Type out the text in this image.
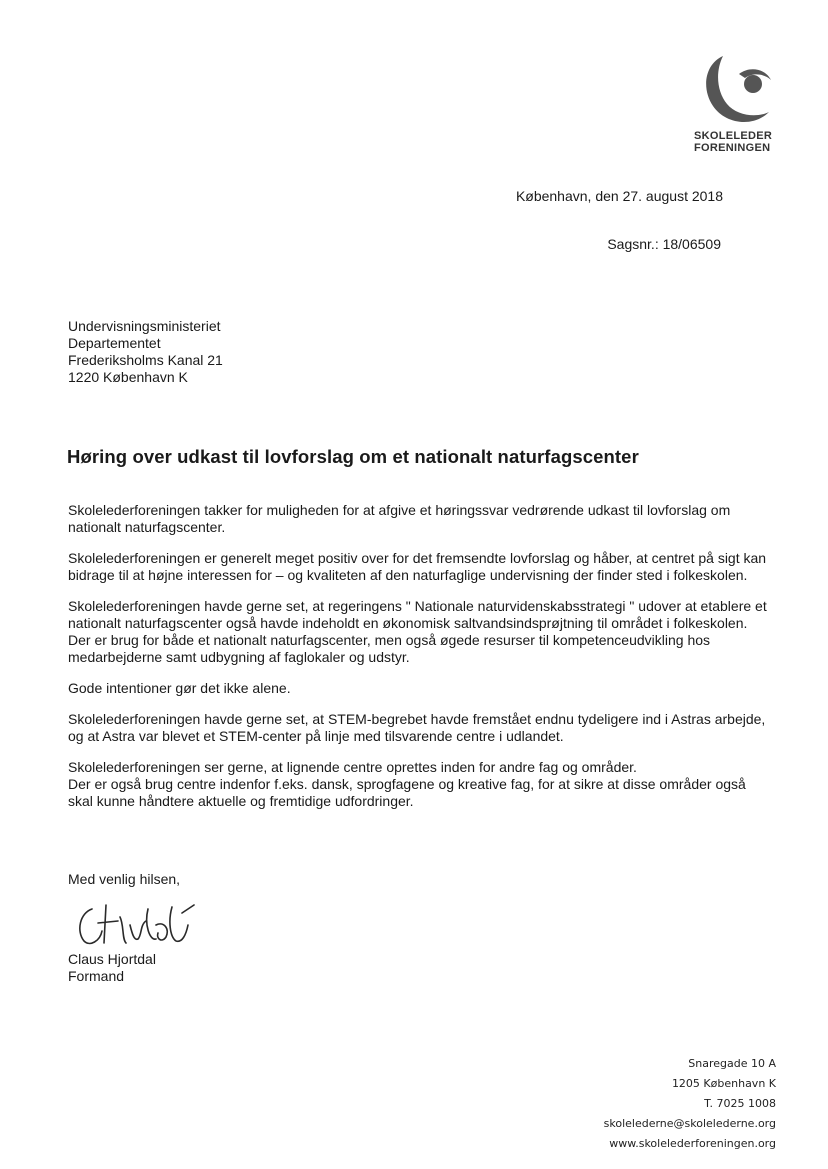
SKOLELEDER
FORENINGEN
København, den 27. august 2018
Sagsnr.: 18/06509
Undervisningsministeriet
Departementet
Frederiksholms Kanal 21
1220 København K
Høring over udkast til lovforslag om et nationalt naturfagscenter

Skolelederforeningen takker for muligheden for at afgive et høringssvar vedrørende udkast til lovforslag om nationalt naturfagscenter.

Skolelederforeningen er generelt meget positiv over for det fremsendte lovforslag og håber, at centret på sigt kan bidrage til at højne interessen for – og kvaliteten af den naturfaglige undervisning der finder sted i folkeskolen.

Skolelederforeningen havde gerne set, at regeringens " Nationale naturvidenskabsstrategi " udover at etablere et nationalt naturfagscenter også havde indeholdt en økonomisk saltvandsindsprøjtning til området i folkeskolen.

Der er brug for både et nationalt naturfagscenter, men også øgede resurser til kompetenceudvikling hos medarbejderne samt udbygning af faglokaler og udstyr.

Gode intentioner gør det ikke alene.

Skolelederforeningen havde gerne set, at STEM-begrebet havde fremstået endnu tydeligere ind i Astras arbejde, og at Astra var blevet et STEM-center på linje med tilsvarende centre i udlandet.

Skolelederforeningen ser gerne, at lignende centre oprettes inden for andre fag og områder.

Der er også brug centre indenfor f.eks. dansk, sprogfagene og kreative fag, for at sikre at disse områder også skal kunne håndtere aktuelle og fremtidige udfordringer.

Med venlig hilsen,
Claus Hjortdal
Formand
Snaregade 10 A
1205 København K
T. 7025 1008
skolelederne@skolelederne.org
www.skolelederforeningen.org
